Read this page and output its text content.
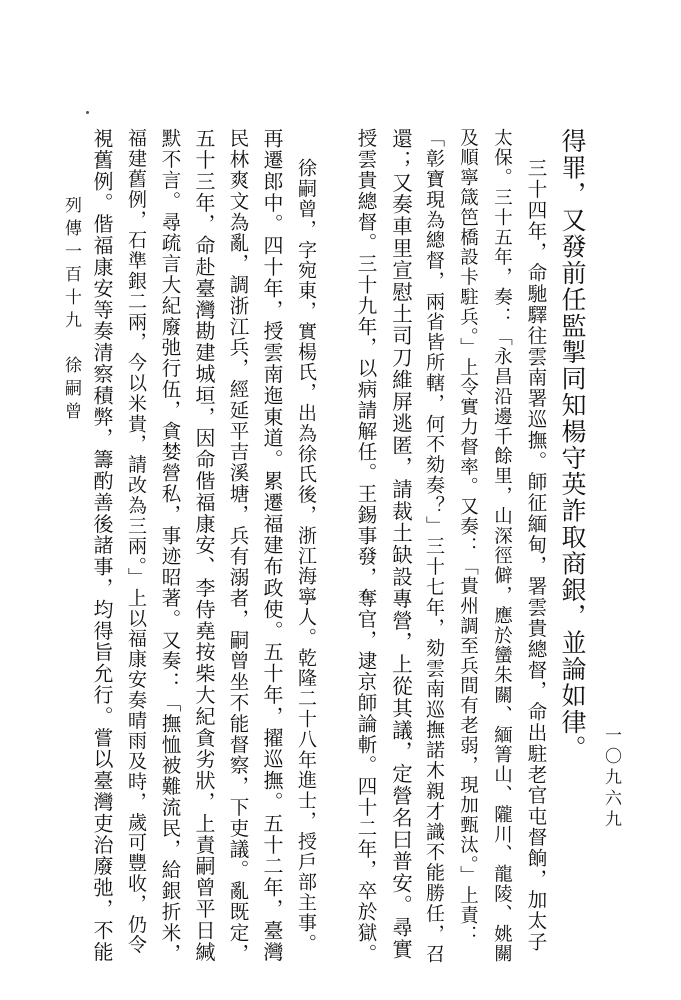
得罪，又發前任監掣同知楊守英詐取商銀，並論如律。
三十四年，命馳驛往雲南署巡撫。師征緬甸，署雲貴總督，命出駐老官屯督餉，加太子
太保。三十五年，奏：「永昌沿邊千餘里，山深徑僻，應於蠻朱關、緬箐山、隴川、龍陵、姚關
及順寧箴笆橋設卡駐兵。」上令實力督率。又奏：「貴州調至兵間有老弱，現加甄汰。」上責：
「彰寶現為總督，兩省皆所轄，何不劾奏？」三十七年，劾雲南巡撫諾木親才識不能勝任，召
還；又奏車里宣慰土司刀維屏逃匿，請裁土缺設專營，上從其議，定營名曰普安。尋實
授雲貴總督。三十九年，以病請解任。王錫事發，奪官，逮京師論斬。四十二年，卒於獄。
徐嗣曾，字宛東，實楊氏，出為徐氏後，浙江海寧人。乾隆二十八年進士，授戶部主事。
再遷郎中。四十年，授雲南迤東道。累遷福建布政使。五十年，擢巡撫。五十二年，臺灣
民林爽文為亂，調浙江兵，經延平吉溪塘，兵有溺者，嗣曾坐不能督察，下吏議。亂既定，
五十三年，命赴臺灣勘建城垣，因命偕福康安、李侍堯按柴大紀貪劣狀，上責嗣曾平日緘
默不言。尋疏言大紀廢弛行伍，貪婪營私，事迹昭著。又奏：「撫恤被難流民，給銀折米，
福建舊例，石準銀二兩，今以米貴，請改為三兩。」上以福康安奏晴雨及時，歲可豐收，仍令
視舊例。偕福康安等奏清察積弊，籌酌善後諸事，均得旨允行。嘗以臺灣吏治廢弛，不能
列傳一百十九徐嗣曾
一〇九六九
